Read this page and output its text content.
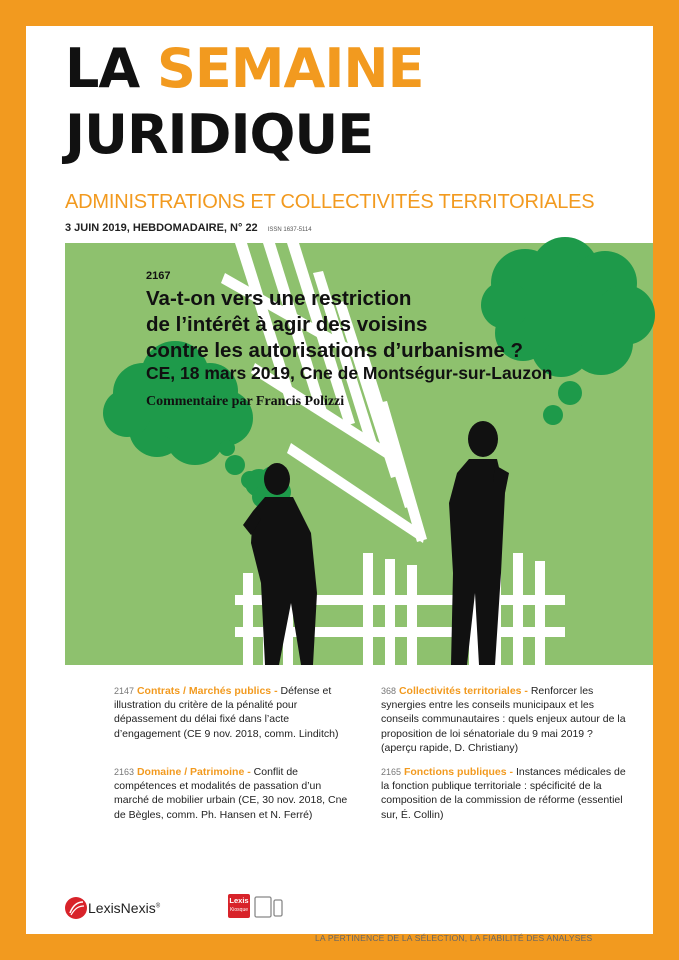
LA SEMAINE
JURIDIQUE
ADMINISTRATIONS ET COLLECTIVITÉS TERRITORIALES
3 JUIN 2019, HEBDOMADAIRE, N° 22 ISSN 1637-5114
2167
Va-t-on vers une restriction
de l’intérêt à agir des voisins
contre les autorisations d’urbanisme ?
CE, 18 mars 2019, Cne de Montségur-sur-Lauzon
Commentaire par Francis Polizzi
2147 Contrats / Marchés publics - Défense et illustration du critère de la pénalité pour dépassement du délai fixé dans l’acte d’engagement (CE 9 nov. 2018, comm. Linditch)
2163 Domaine / Patrimoine - Conflit de compétences et modalités de passation d’un marché de mobilier urbain (CE, 30 nov. 2018, Cne de Bègles, comm. Ph. Hansen et N. Ferré)
368 Collectivités territoriales - Renforcer les synergies entre les conseils municipaux et les conseils communautaires : quels enjeux autour de la proposition de loi sénatoriale du 9 mai 2019 ? (aperçu rapide, D. Christiany)
2165 Fonctions publiques - Instances médicales de la fonction publique territoriale : spécificité de la composition de la commission de réforme (essentiel sur, É. Collin)
LexisNexis®
Lexis
Kiosque
LA PERTINENCE DE LA SÉLECTION, LA FIABILITÉ DES ANALYSES
